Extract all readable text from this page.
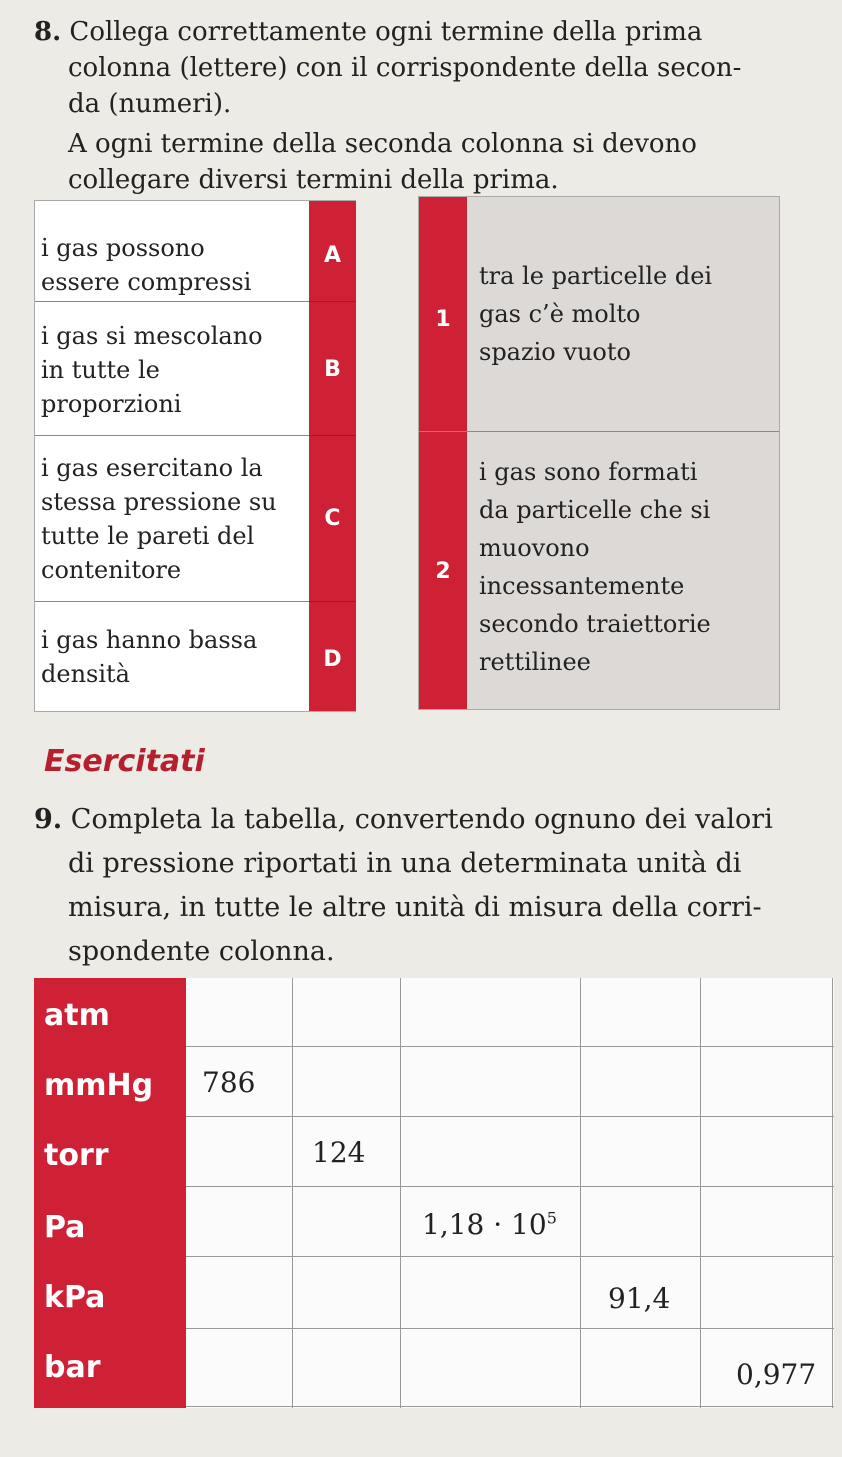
8. Collega correttamente ogni termine della prima

colonna (lettere) con il corrispondente della secon-

da (numeri).

A ogni termine della seconda colonna si devono

collegare diversi termini della prima.

i gas possono
essere compressi
i gas si mescolano
in tutte le
proporzioni
i gas esercitano la
stessa pressione su
tutte le pareti del
contenitore
i gas hanno bassa
densità
A
B
C
D
1
2
tra le particelle dei
gas c’è molto
spazio vuoto
i gas sono formati
da particelle che si
muovono
incessantemente
secondo traiettorie
rettilinee
Esercitati

9. Completa la tabella, convertendo ognuno dei valori
di pressione riportati in una determinata unità di
misura, in tutte le altre unità di misura della corri-
spondente colonna.

atm
mmHg
torr
Pa
kPa
bar
786
124
$1,18 \cdot 10^5$
91,4
0,977
